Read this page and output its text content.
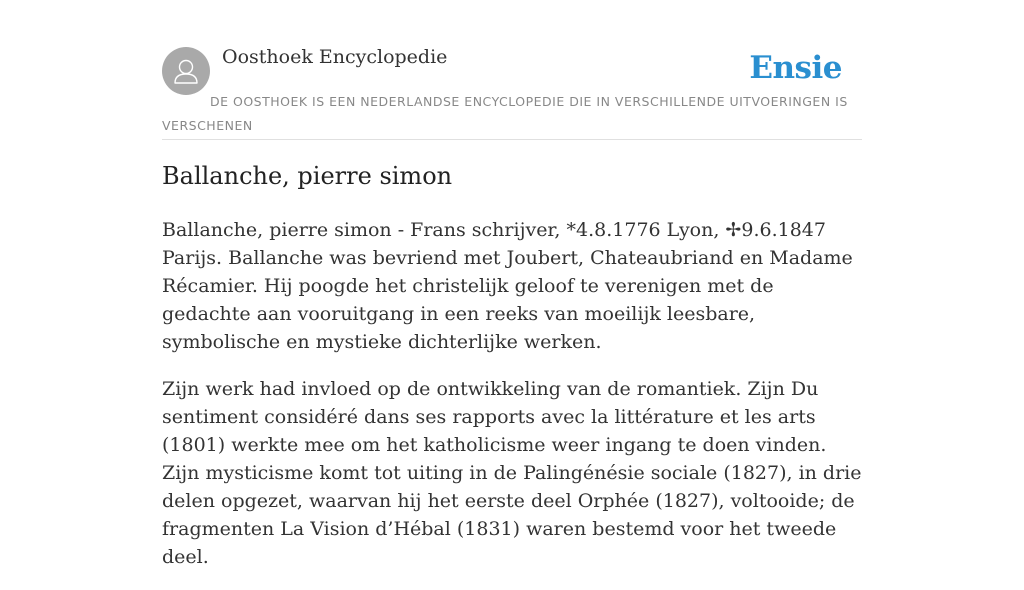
Oosthoek Encyclopedie	Ensie
DE OOSTHOEK IS EEN NEDERLANDSE ENCYCLOPEDIE DIE IN VERSCHILLENDE UITVOERINGEN IS VERSCHENEN
Ballanche, pierre simon

Ballanche, pierre simon - Frans schrijver, *4.8.1776 Lyon, ✢9.6.1847 Parijs. Ballanche was bevriend met Joubert, Chateaubriand en Madame Récamier. Hij poogde het christelijk geloof te verenigen met de gedachte aan vooruitgang in een reeks van moeilijk leesbare, symbolische en mystieke dichterlijke werken.

Zijn werk had invloed op de ontwikkeling van de romantiek. Zijn Du sentiment considéré dans ses rapports avec la littérature et les arts (1801) werkte mee om het katholicisme weer ingang te doen vinden. Zijn mysticisme komt tot uiting in de Palingénésie sociale (1827), in drie delen opgezet, waarvan hij het eerste deel Orphée (1827), voltooide; de fragmenten La Vision d’Hébal (1831) waren bestemd voor het tweede deel.
